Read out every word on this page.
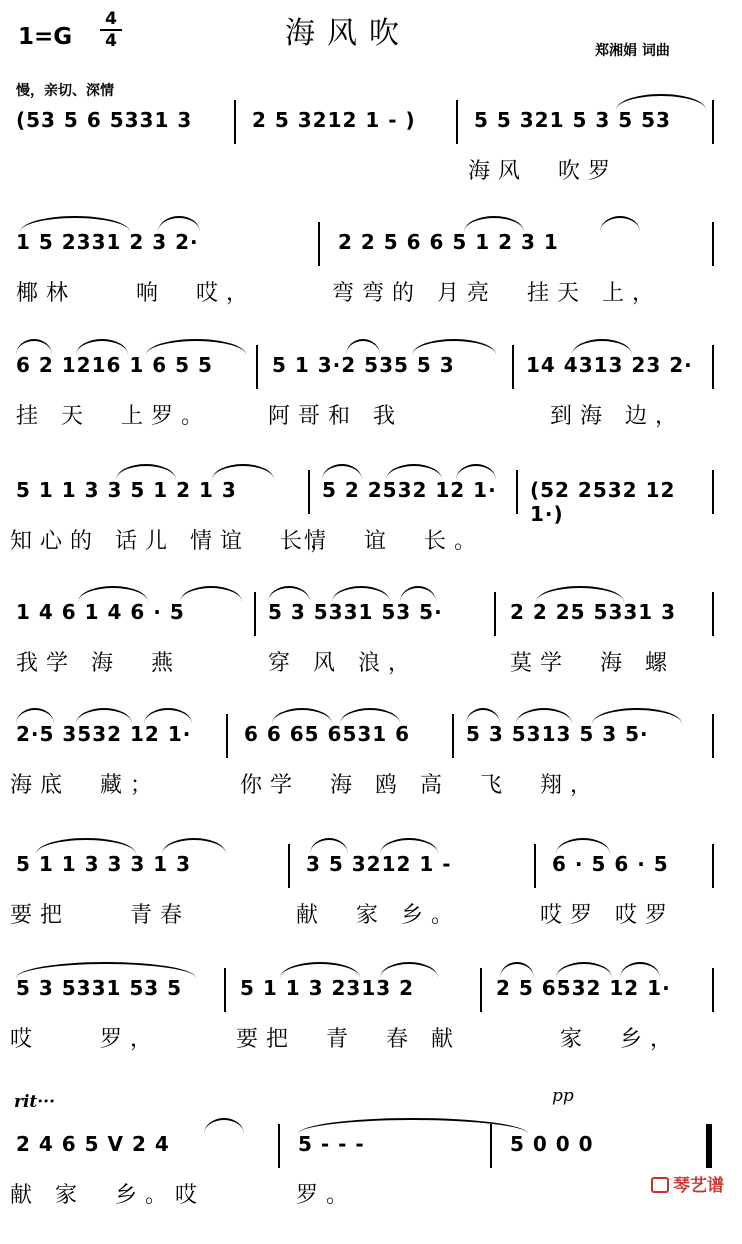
海风吹
1=G
4
4	郑湘娟 词曲
慢，亲切、深情
(53 5 6 5331 3	2 5 3212 1 - )	5 5 321 5 3 5 53
海风　吹罗
1 5 2331 2 3 2·	2 2 5 6 6 5 1 2 3 1
椰林　　响　哎，	弯弯的 月亮　挂天 上，
6 2 1216 1 6 5 5	5 1 3·2 535 5 3	14 4313 23 2·
挂 天　上罗。	阿哥和 我	　到海 边，
5 1 1 3 3 5 1 2 1 3	5 2 2532 12 1· (52 2532 12 1·)
知心的 话儿 情谊　长，
情　谊　长。
1 4 6 1 4 6 · 5	5 3 5331 53 5·	2 2 25 5331 3
我学 海　燕	穿 风 浪，	莫学　海 螺
2·5 3532 12 1·	6 6 65 6531 6	5 3 5313 5 3 5·
海底　藏；	你学　海 鸥 高 飞　翔，
5 1 1 3 3 3 1 3	3 5 3212 1 -	6 · 5 6 · 5
要把　　青春	献　家 乡。	哎罗 哎罗
5 3 5331 53 5	5 1 1 3 2313 2	2 5 6532 12 1·
哎　　罗，	要把　青　春 献	家　乡，
rit···	pp
2 4 6 5 V 2 4	5 - - -	5 0 0 0
献 家　乡。哎	罗。	琴艺谱
